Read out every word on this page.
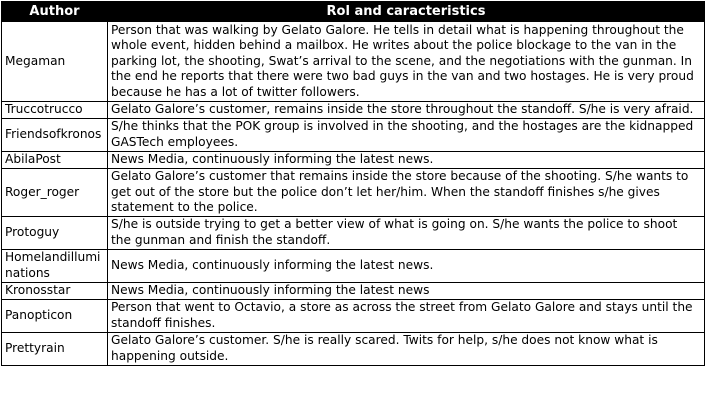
Author	Rol and caracteristics
Megaman	Person that was walking by Gelato Galore. He tells in detail what is happening throughout the whole event, hidden behind a mailbox. He writes about the police blockage to the van in the parking lot, the shooting, Swat’s arrival to the scene, and the negotiations with the gunman. In the end he reports that there were two bad guys in the van and two hostages. He is very proud because he has a lot of twitter followers.
Truccotrucco	Gelato Galore’s customer, remains inside the store throughout the standoff. S/he is very afraid.
Friendsofkronos	S/he thinks that the POK group is involved in the shooting, and the hostages are the kidnapped GASTech employees.
AbilaPost	News Media, continuously informing the latest news.
Roger_roger	Gelato Galore’s customer that remains inside the store because of the shooting. S/he wants to get out of the store but the police don’t let her/him. When the standoff finishes s/he gives statement to the police.
Protoguy	S/he is outside trying to get a better view of what is going on. S/he wants the police to shoot the gunman and finish the standoff.
Homelandilluminations	News Media, continuously informing the latest news.
Kronosstar	News Media, continuously informing the latest news
Panopticon	Person that went to Octavio, a store as across the street from Gelato Galore and stays until the standoff finishes.
Prettyrain	Gelato Galore’s customer. S/he is really scared. Twits for help, s/he does not know what is happening outside.
